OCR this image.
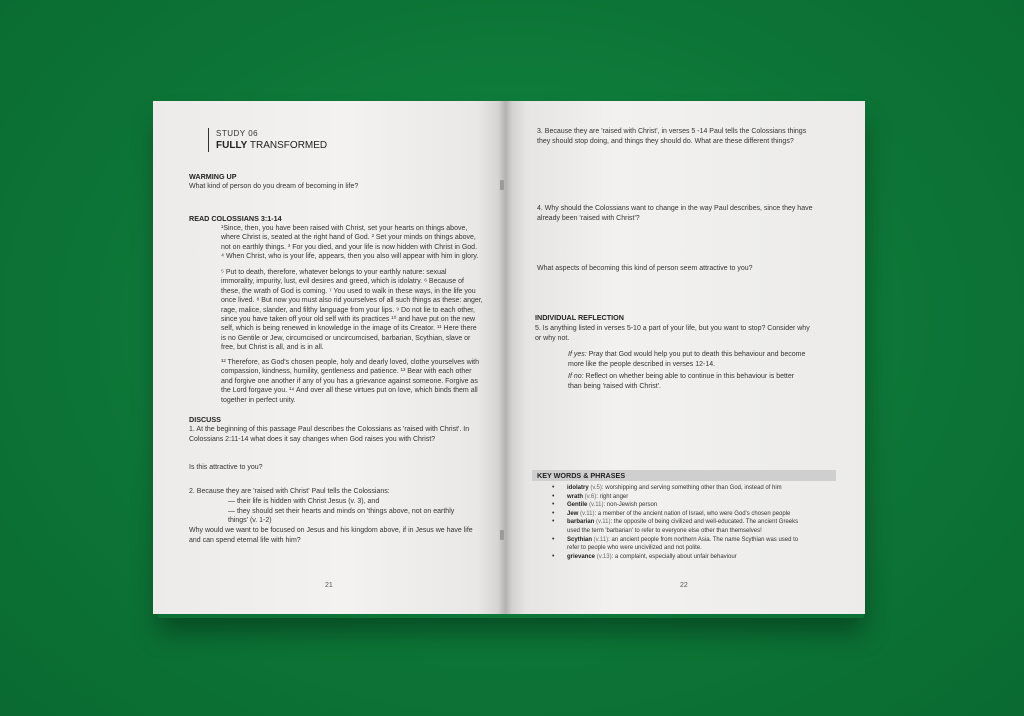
STUDY 06
FULLY TRANSFORMED
WARMING UP
What kind of person do you dream of becoming in life?
READ COLOSSIANS 3:1-14
¹Since, then, you have been raised with Christ, set your hearts on things above,
where Christ is, seated at the right hand of God. ² Set your minds on things above,
not on earthly things. ³ For you died, and your life is now hidden with Christ in God.
⁴ When Christ, who is your life, appears, then you also will appear with him in glory.
⁵ Put to death, therefore, whatever belongs to your earthly nature: sexual
immorality, impurity, lust, evil desires and greed, which is idolatry. ⁶ Because of
these, the wrath of God is coming. ⁷ You used to walk in these ways, in the life you
once lived. ⁸ But now you must also rid yourselves of all such things as these: anger,
rage, malice, slander, and filthy language from your lips. ⁹ Do not lie to each other,
since you have taken off your old self with its practices ¹⁰ and have put on the new
self, which is being renewed in knowledge in the image of its Creator. ¹¹ Here there
is no Gentile or Jew, circumcised or uncircumcised, barbarian, Scythian, slave or
free, but Christ is all, and is in all.
¹² Therefore, as God's chosen people, holy and dearly loved, clothe yourselves with
compassion, kindness, humility, gentleness and patience. ¹³ Bear with each other
and forgive one another if any of you has a grievance against someone. Forgive as
the Lord forgave you. ¹⁴ And over all these virtues put on love, which binds them all
together in perfect unity.
DISCUSS
1. At the beginning of this passage Paul describes the Colossians as 'raised with Christ'. In
Colossians 2:11-14 what does it say changes when God raises you with Christ?
Is this attractive to you?
2. Because they are 'raised with Christ' Paul tells the Colossians:
— their life is hidden with Christ Jesus (v. 3), and
— they should set their hearts and minds on 'things above, not on earthly
things' (v. 1-2)
Why would we want to be focused on Jesus and his kingdom above, if in Jesus we have life
and can spend eternal life with him?
21
3. Because they are 'raised with Christ', in verses 5 -14 Paul tells the Colossians things
they should stop doing, and things they should do. What are these different things?
4. Why should the Colossians want to change in the way Paul describes, since they have
already been 'raised with Christ'?
What aspects of becoming this kind of person seem attractive to you?
INDIVIDUAL REFLECTION
5. Is anything listed in verses 5-10 a part of your life, but you want to stop? Consider why
or why not.
If yes: Pray that God would help you put to death this behaviour and become
more like the people described in verses 12-14.
If no: Reflect on whether being able to continue in this behaviour is better
than being 'raised with Christ'.
KEY WORDS & PHRASES
• idolatry (v.5): worshipping and serving something other than God, instead of him
• wrath (v.6): right anger
• Gentile (v.11): non-Jewish person
• Jew (v.11): a member of the ancient nation of Israel, who were God's chosen people
• barbarian (v.11): the opposite of being civilized and well-educated. The ancient Greeks
used the term 'barbarian' to refer to everyone else other than themselves!
• Scythian (v.11): an ancient people from northern Asia. The name Scythian was used to
refer to people who were uncivilized and not polite.
• grievance (v.13): a complaint, especially about unfair behaviour
22
